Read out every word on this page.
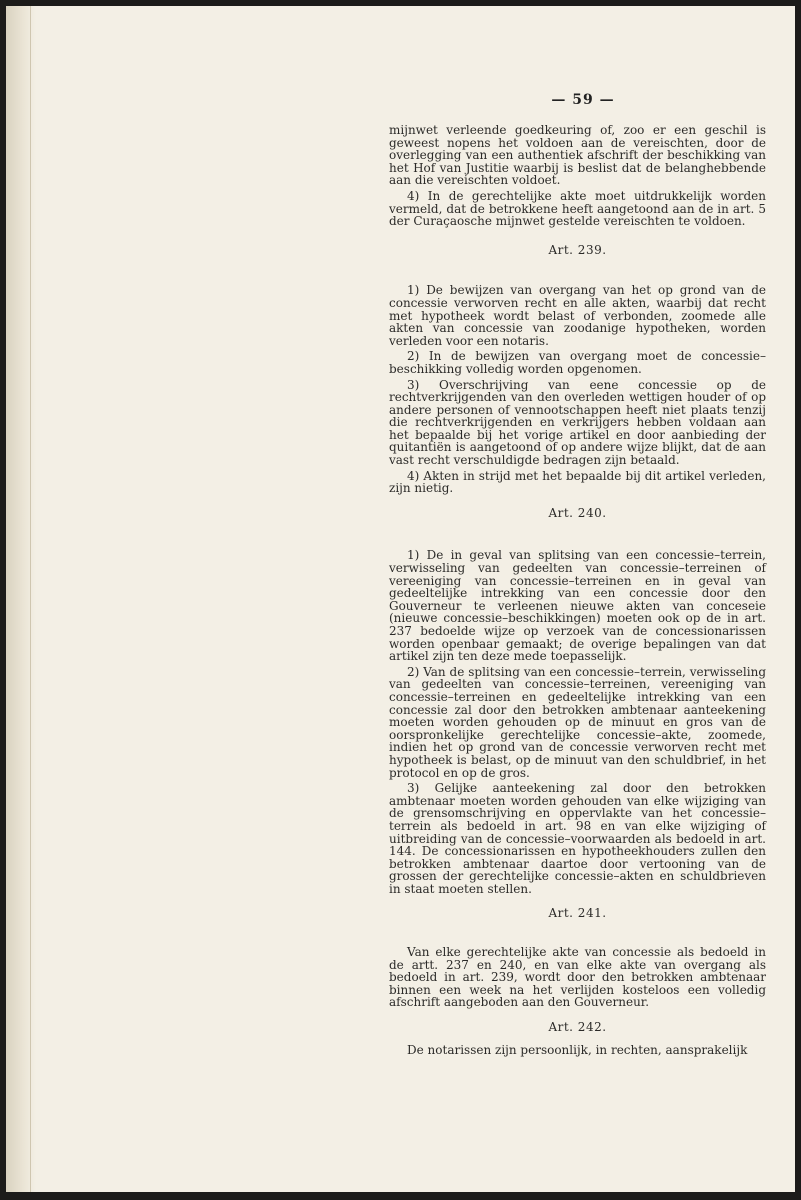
— 59 —

mijnwet verleende goedkeuring of, zoo er een geschil is geweest nopens het voldoen aan de vereischten, door de overlegging van een authentiek afschrift der beschikking van het Hof van Justitie waarbij is beslist dat de belanghebbende aan die vereischten voldoet.

4) In de gerechtelijke akte moet uitdrukkelijk worden vermeld, dat de betrokkene heeft aangetoond aan de in art. 5 der Curaçaosche mijnwet gestelde vereischten te voldoen.

Art. 239.

1) De bewijzen van overgang van het op grond van de concessie verworven recht en alle akten, waarbij dat recht met hypotheek wordt belast of verbonden, zoomede alle akten van concessie van zoodanige hypotheken, worden verleden voor een notaris.

2) In de bewijzen van overgang moet de concessie–beschikking volledig worden opgenomen.

3) Overschrijving van eene concessie op de rechtverkrijgenden van den overleden wettigen houder of op andere personen of vennootschappen heeft niet plaats tenzij die rechtverkrijgenden en verkrijgers hebben voldaan aan het bepaalde bij het vorige artikel en door aanbieding der quitantiën is aangetoond of op andere wijze blijkt, dat de aan vast recht verschuldigde bedragen zijn betaald.

4) Akten in strijd met het bepaalde bij dit artikel verleden, zijn nietig.

Art. 240.

1) De in geval van splitsing van een concessie–terrein, verwisseling van gedeelten van concessie–terreinen of vereeniging van concessie–terreinen en in geval van gedeeltelijke intrekking van een concessie door den Gouverneur te verleenen nieuwe akten van conceseie (nieuwe concessie–beschikkingen) moeten ook op de in art. 237 bedoelde wijze op verzoek van de concessionarissen worden openbaar gemaakt; de overige bepalingen van dat artikel zijn ten deze mede toepasselijk.

2) Van de splitsing van een concessie–terrein, verwisseling van gedeelten van concessie–terreinen, vereeniging van concessie–terreinen en gedeeltelijke intrekking van een concessie zal door den betrokken ambtenaar aanteekening moeten worden gehouden op de minuut en gros van de oorspronkelijke gerechtelijke concessie–akte, zoomede, indien het op grond van de concessie verworven recht met hypotheek is belast, op de minuut van den schuldbrief, in het protocol en op de gros.

3) Gelijke aanteekening zal door den betrokken ambtenaar moeten worden gehouden van elke wijziging van de grensomschrijving en oppervlakte van het concessie–terrein als bedoeld in art. 98 en van elke wijziging of uitbreiding van de concessie–voorwaarden als bedoeld in art. 144. De concessionarissen en hypotheekhouders zullen den betrokken ambtenaar daartoe door vertooning van de grossen der gerechtelijke concessie–akten en schuldbrieven in staat moeten stellen.

Art. 241.

Van elke gerechtelijke akte van concessie als bedoeld in de artt. 237 en 240, en van elke akte van overgang als bedoeld in art. 239, wordt door den betrokken ambtenaar binnen een week na het verlijden kosteloos een volledig afschrift aangeboden aan den Gouverneur.

Art. 242.

De notarissen zijn persoonlijk, in rechten, aansprakelijk
